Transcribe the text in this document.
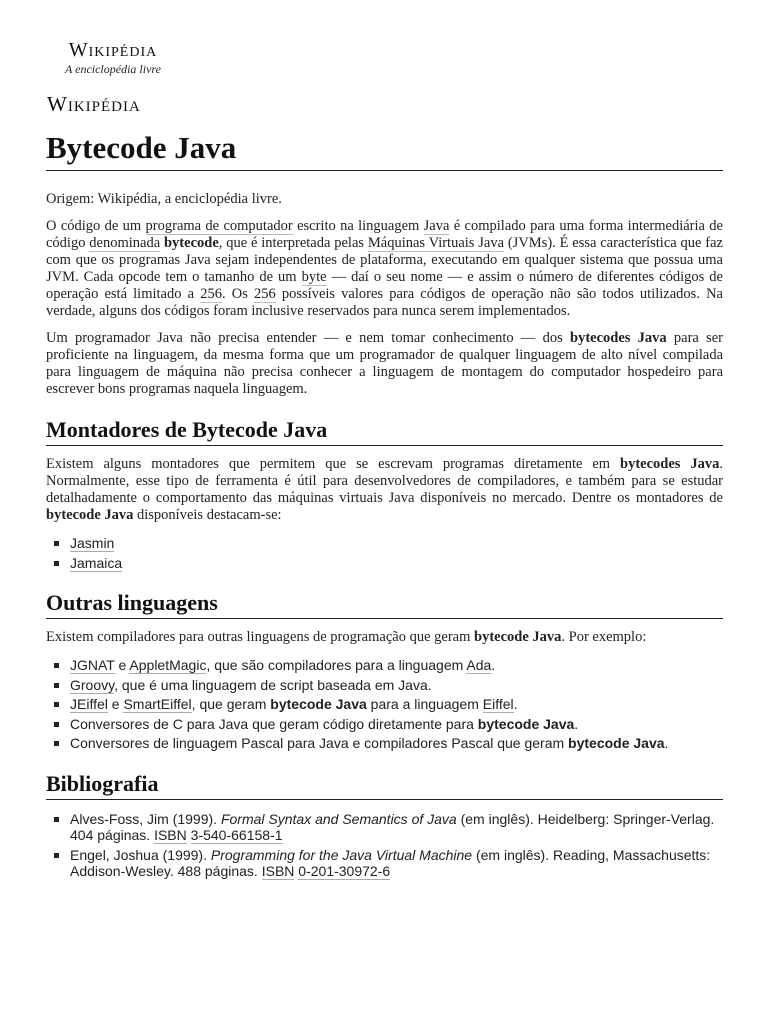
Wikipédia
A enciclopédia livre
Wikipédia
Bytecode Java

Origem: Wikipédia, a enciclopédia livre.

O código de um programa de computador escrito na linguagem Java é compilado para uma forma intermediária de código denominada bytecode, que é interpretada pelas Máquinas Virtuais Java (JVMs). É essa característica que faz com que os programas Java sejam independentes de plataforma, executando em qualquer sistema que possua uma JVM. Cada opcode tem o tamanho de um byte — daí o seu nome — e assim o número de diferentes códigos de operação está limitado a 256. Os 256 possíveis valores para códigos de operação não são todos utilizados. Na verdade, alguns dos códigos foram inclusive reservados para nunca serem implementados.

Um programador Java não precisa entender — e nem tomar conhecimento — dos bytecodes Java para ser proficiente na linguagem, da mesma forma que um programador de qualquer linguagem de alto nível compilada para linguagem de máquina não precisa conhecer a linguagem de montagem do computador hospedeiro para escrever bons programas naquela linguagem.

Montadores de Bytecode Java

Existem alguns montadores que permitem que se escrevam programas diretamente em bytecodes Java. Normalmente, esse tipo de ferramenta é útil para desenvolvedores de compiladores, e também para se estudar detalhadamente o comportamento das máquinas virtuais Java disponíveis no mercado. Dentre os montadores de bytecode Java disponíveis destacam-se:

Jasmin
Jamaica
Outras linguagens

Existem compiladores para outras linguagens de programação que geram bytecode Java. Por exemplo:

JGNAT e AppletMagic, que são compiladores para a linguagem Ada.
Groovy, que é uma linguagem de script baseada em Java.
JEiffel e SmartEiffel, que geram bytecode Java para a linguagem Eiffel.
Conversores de C para Java que geram código diretamente para bytecode Java.
Conversores de linguagem Pascal para Java e compiladores Pascal que geram bytecode Java.
Bibliografia
Alves-Foss, Jim (1999). Formal Syntax and Semantics of Java (em inglês). Heidelberg: Springer-Verlag. 404 páginas. ISBN 3-540-66158-1
Engel, Joshua (1999). Programming for the Java Virtual Machine (em inglês). Reading, Massachusetts: Addison-Wesley. 488 páginas. ISBN 0-201-30972-6
